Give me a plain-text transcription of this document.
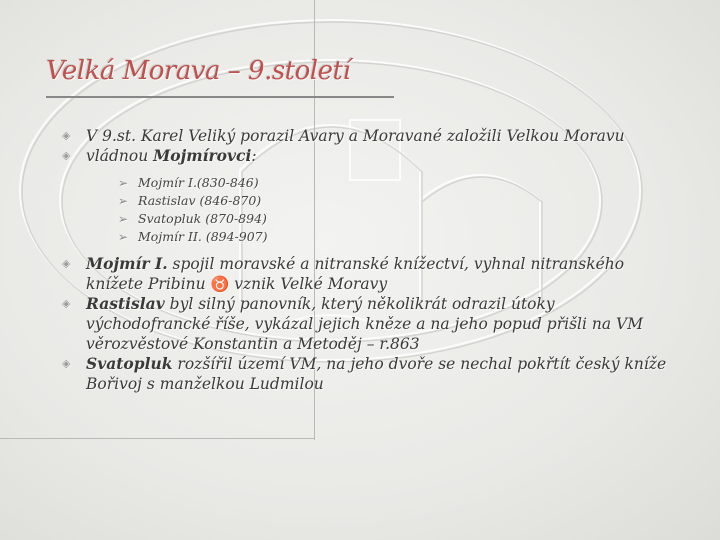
Velká Morava – 9.století

◈	V 9.st. Karel Veliký porazil Avary a Moravané založili Velkou Moravu

◈	vládnou Mojmírovci:

➢ Mojmír I.(830-846)
➢ Rastislav (846-870)
➢ Svatopluk (870-894)
➢ Mojmír II. (894-907)

◈	Mojmír I. spojil moravské a nitranské knížectví, vyhnal nitranského knížete Pribinu ♉ vznik Velké Moravy

◈	Rastislav byl silný panovník, který několikrát odrazil útoky východofrancké říše, vykázal jejich kněze a na jeho popud přišli na VM věrozvěstové Konstantin a Metoděj – r.863

◈	Svatopluk rozšířil území VM, na jeho dvoře se nechal pokřtít český kníže Bořivoj s manželkou Ludmilou
